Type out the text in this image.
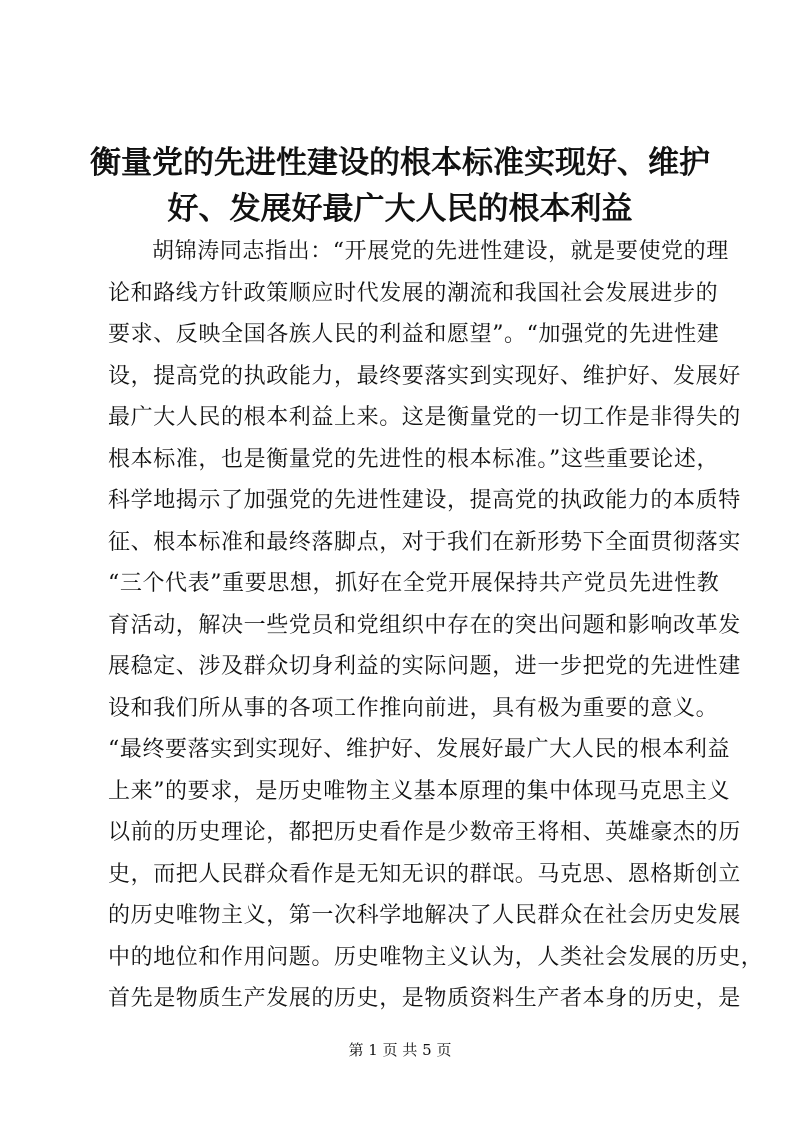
衡量党的先进性建设的根本标准实现好、维护
好、发展好最广大人民的根本利益
胡锦涛同志指出：“开展党的先进性建设，就是要使党的理
论和路线方针政策顺应时代发展的潮流和我国社会发展进步的
要求、反映全国各族人民的利益和愿望”。“加强党的先进性建
设，提高党的执政能力，最终要落实到实现好、维护好、发展好
最广大人民的根本利益上来。这是衡量党的一切工作是非得失的
根本标准，也是衡量党的先进性的根本标准。”这些重要论述，
科学地揭示了加强党的先进性建设，提高党的执政能力的本质特
征、根本标准和最终落脚点，对于我们在新形势下全面贯彻落实
“三个代表”重要思想，抓好在全党开展保持共产党员先进性教
育活动，解决一些党员和党组织中存在的突出问题和影响改革发
展稳定、涉及群众切身利益的实际问题，进一步把党的先进性建
设和我们所从事的各项工作推向前进，具有极为重要的意义。
“最终要落实到实现好、维护好、发展好最广大人民的根本利益
上来”的要求，是历史唯物主义基本原理的集中体现马克思主义
以前的历史理论，都把历史看作是少数帝王将相、英雄豪杰的历
史，而把人民群众看作是无知无识的群氓。马克思、恩格斯创立
的历史唯物主义，第一次科学地解决了人民群众在社会历史发展
中的地位和作用问题。历史唯物主义认为，人类社会发展的历史，
首先是物质生产发展的历史，是物质资料生产者本身的历史，是
第 1 页 共 5 页
